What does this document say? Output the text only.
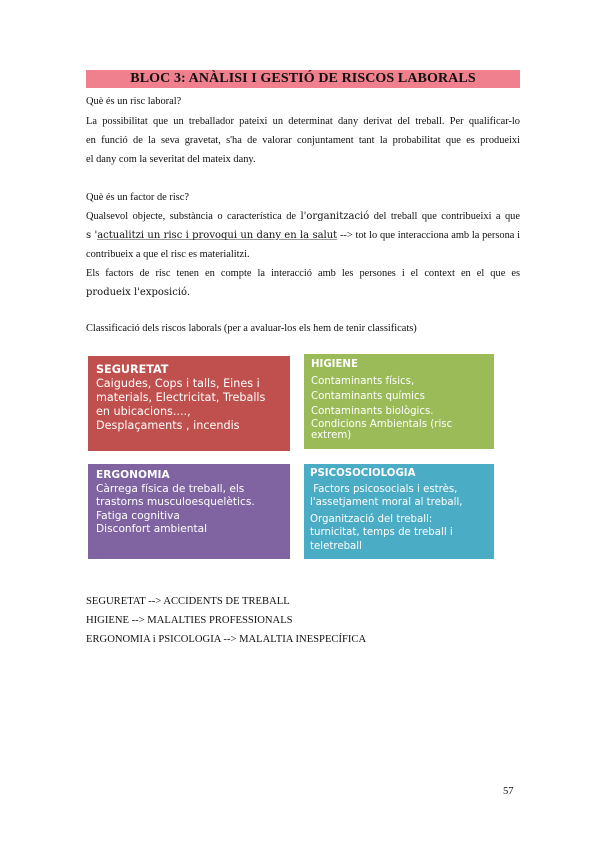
BLOC 3: ANÀLISI I GESTIÓ DE RISCOS LABORALS
Què és un risc laboral?
La possibilitat que un treballador pateixi un determinat dany derivat del treball. Per qualificar-lo
en funció de la seva gravetat, s'ha de valorar conjuntament tant la probabilitat que es produeixi
el dany com la severitat del mateix dany.
Què és un factor de risc?
Qualsevol objecte, substància o característica de l'organització del treball que contribueixi a que
s 'actualitzi un risc i provoqui un dany en la salut --> tot lo que interacciona amb la persona i
contribueix a que el risc es materialitzi.
Els factors de risc tenen en compte la interacció amb les persones i el context en el que es
produeix l'exposició.
Classificació dels riscos laborals (per a avaluar-los els hem de tenir classificats)
SEGURETAT
Caigudes, Cops i talls, Eines i
materials, Electricitat, Treballs
en ubicacions....,
Desplaçaments , incendis
HIGIENE
Contaminants físics,
Contaminants químics
Contaminants biològics.
Condicions Ambientals (risc
extrem)
ERGONOMIA
Càrrega física de treball, els
trastorns musculoesquelètics.
Fatiga cognitiva
Disconfort ambiental
PSICOSOCIOLOGIA
Factors psicosocials i estrès,
l'assetjament moral al treball,
Organització del treball:
turnicitat, temps de treball i
teletreball
SEGURETAT --> ACCIDENTS DE TREBALL
HIGIENE --> MALALTIES PROFESSIONALS
ERGONOMIA i PSICOLOGIA --> MALALTIA INESPECÍFICA
57
